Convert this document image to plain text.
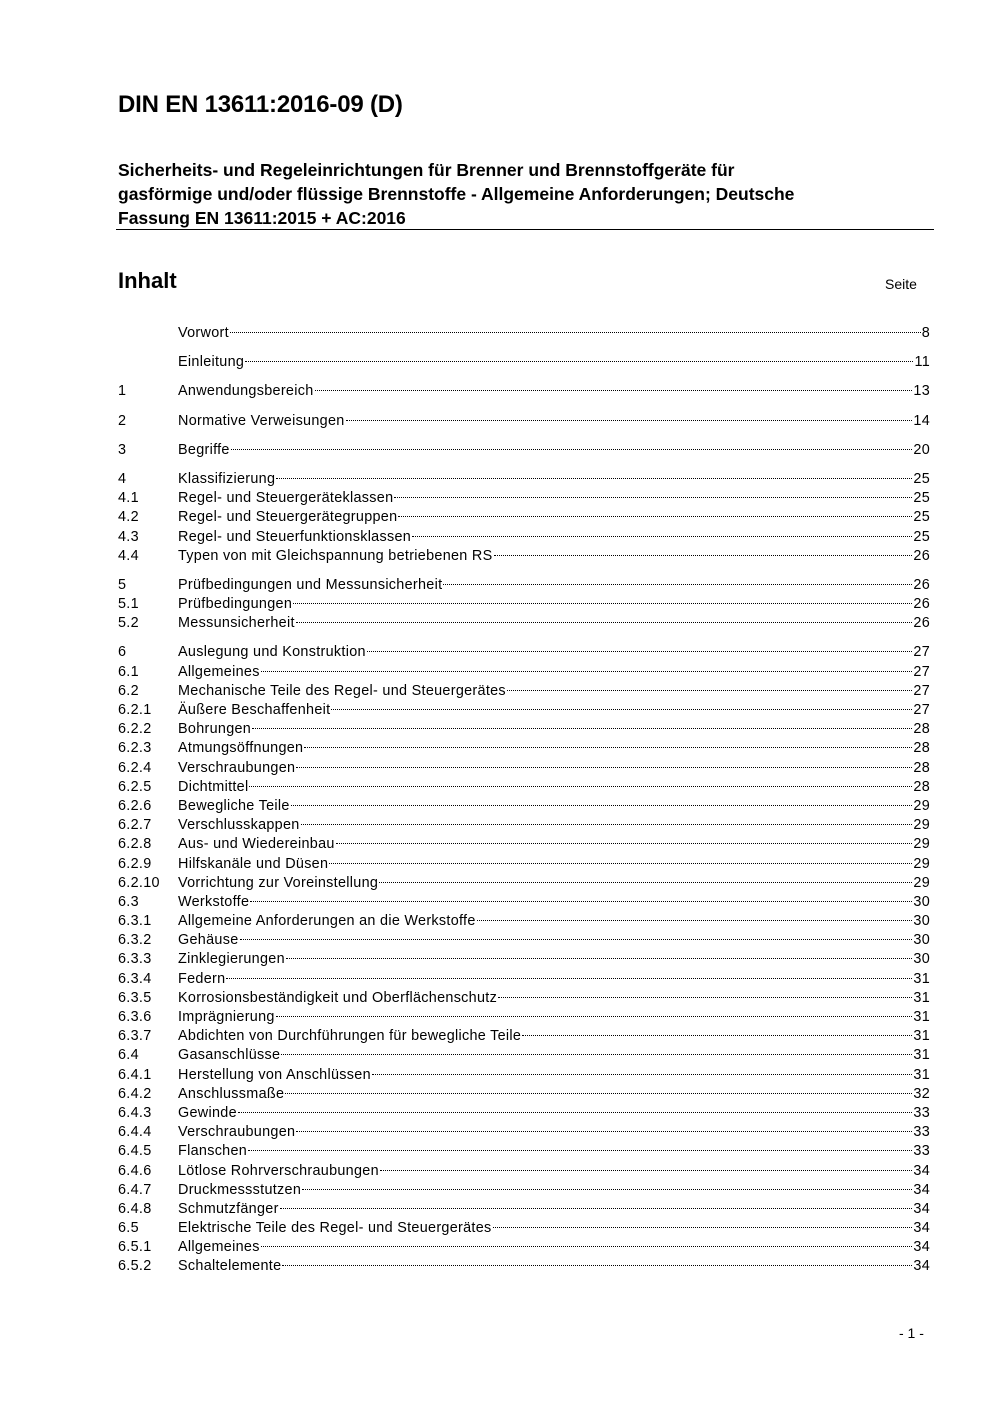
DIN EN 13611:2016-09 (D)
Sicherheits- und Regeleinrichtungen für Brenner und Brennstoffgeräte für
gasförmige und/oder flüssige Brennstoffe - Allgemeine Anforderungen; Deutsche
Fassung EN 13611:2015 + AC:2016
Inhalt	Seite
Vorwort	8
Einleitung	11
1	Anwendungsbereich	13
2	Normative Verweisungen	14
3	Begriffe	20
4	Klassifizierung	25
4.1	Regel- und Steuergeräteklassen	25
4.2	Regel- und Steuergerätegruppen	25
4.3	Regel- und Steuerfunktionsklassen	25
4.4	Typen von mit Gleichspannung betriebenen RS	26
5	Prüfbedingungen und Messunsicherheit	26
5.1	Prüfbedingungen	26
5.2	Messunsicherheit	26
6	Auslegung und Konstruktion	27
6.1	Allgemeines	27
6.2	Mechanische Teile des Regel- und Steuergerätes	27
6.2.1	Äußere Beschaffenheit	27
6.2.2	Bohrungen	28
6.2.3	Atmungsöffnungen	28
6.2.4	Verschraubungen	28
6.2.5	Dichtmittel	28
6.2.6	Bewegliche Teile	29
6.2.7	Verschlusskappen	29
6.2.8	Aus- und Wiedereinbau	29
6.2.9	Hilfskanäle und Düsen	29
6.2.10	Vorrichtung zur Voreinstellung	29
6.3	Werkstoffe	30
6.3.1	Allgemeine Anforderungen an die Werkstoffe	30
6.3.2	Gehäuse	30
6.3.3	Zinklegierungen	30
6.3.4	Federn	31
6.3.5	Korrosionsbeständigkeit und Oberflächenschutz	31
6.3.6	Imprägnierung	31
6.3.7	Abdichten von Durchführungen für bewegliche Teile	31
6.4	Gasanschlüsse	31
6.4.1	Herstellung von Anschlüssen	31
6.4.2	Anschlussmaße	32
6.4.3	Gewinde	33
6.4.4	Verschraubungen	33
6.4.5	Flanschen	33
6.4.6	Lötlose Rohrverschraubungen	34
6.4.7	Druckmessstutzen	34
6.4.8	Schmutzfänger	34
6.5	Elektrische Teile des Regel- und Steuergerätes	34
6.5.1	Allgemeines	34
6.5.2	Schaltelemente	34
- 1 -
